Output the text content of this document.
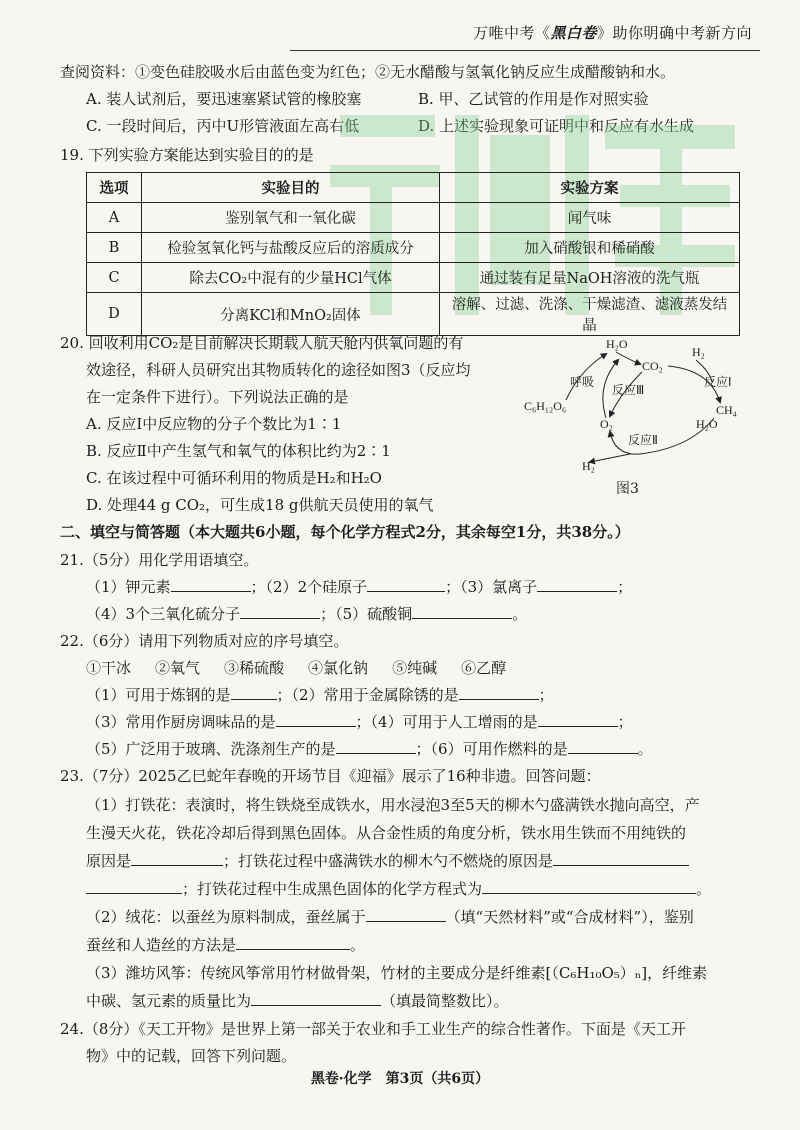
万唯中考《黑白卷》助你明确中考新方向
查阅资料：①变色硅胶吸水后由蓝色变为红色；②无水醋酸与氢氧化钠反应生成醋酸钠和水。
A. 装人试剂后，要迅速塞紧试管的橡胶塞	B. 甲、乙试管的作用是作对照实验
C. 一段时间后，丙中U形管液面左高右低	D. 上述实验现象可证明中和反应有水生成
19. 下列实验方案能达到实验目的的是
选项	实验目的	实验方案
A	鉴别氧气和一氧化碳	闻气味
B	检验氢氧化钙与盐酸反应后的溶质成分	加入硝酸银和稀硝酸
C	除去CO₂中混有的少量HCl气体	通过装有足量NaOH溶液的洗气瓶
D	分离KCl和MnO₂固体	溶解、过滤、洗涤、干燥滤渣、滤液蒸发结晶
20. 回收利用CO₂是目前解决长期载人航天舱内供氧问题的有
效途径，科研人员研究出其物质转化的途径如图3（反应均
在一定条件下进行）。下列说法正确的是
A. 反应Ⅰ中反应物的分子个数比为1∶1
B. 反应Ⅱ中产生氢气和氧气的体积比约为2∶1
C. 在该过程中可循环利用的物质是H₂和H₂O
D. 处理44 g CO₂，可生成18 g供航天员使用的氧气
H₂O
CO₂
H₂
CH₄
H₂O
O₂
C₆H₁₂O₆
H₂
呼吸	反应Ⅰ
反应Ⅱ
反应Ⅲ
图3
二、填空与简答题（本大题共6小题，每个化学方程式2分，其余每空1分，共38分。）
21.（5分）用化学用语填空。
（1）钾元素	；（2）2个硅原子	；（3）氯离子	；
（4）3个三氧化硫分子	；（5）硫酸铜	。
22.（6分）请用下列物质对应的序号填空。
①干冰 ②氧气 ③稀硫酸 ④氯化钠 ⑤纯碱 ⑥乙醇
（1）可用于炼钢的是	；（2）常用于金属除锈的是	；
（3）常用作厨房调味品的是	；（4）可用于人工增雨的是	；
（5）广泛用于玻璃、洗涤剂生产的是	；（6）可用作燃料的是	。
23.（7分）2025乙巳蛇年春晚的开场节目《迎福》展示了16种非遗。回答问题：
（1）打铁花：表演时，将生铁烧至成铁水，用水浸泡3至5天的柳木勺盛满铁水抛向高空，产
生漫天火花，铁花冷却后得到黑色固体。从合金性质的角度分析，铁水用生铁而不用纯铁的
原因是	；打铁花过程中盛满铁水的柳木勺不燃烧的原因是
；打铁花过程中生成黑色固体的化学方程式为	。
（2）绒花：以蚕丝为原料制成，蚕丝属于	（填“天然材料”或“合成材料”），鉴别
蚕丝和人造丝的方法是	。
（3）潍坊风筝：传统风筝常用竹材做骨架，竹材的主要成分是纤维素[（C₆H₁₀O₅）ₙ]，纤维素
中碳、氢元素的质量比为	（填最简整数比）。
24.（8分）《天工开物》是世界上第一部关于农业和手工业生产的综合性著作。下面是《天工开
物》中的记载，回答下列问题。
黑卷·化学　第3页（共6页）
